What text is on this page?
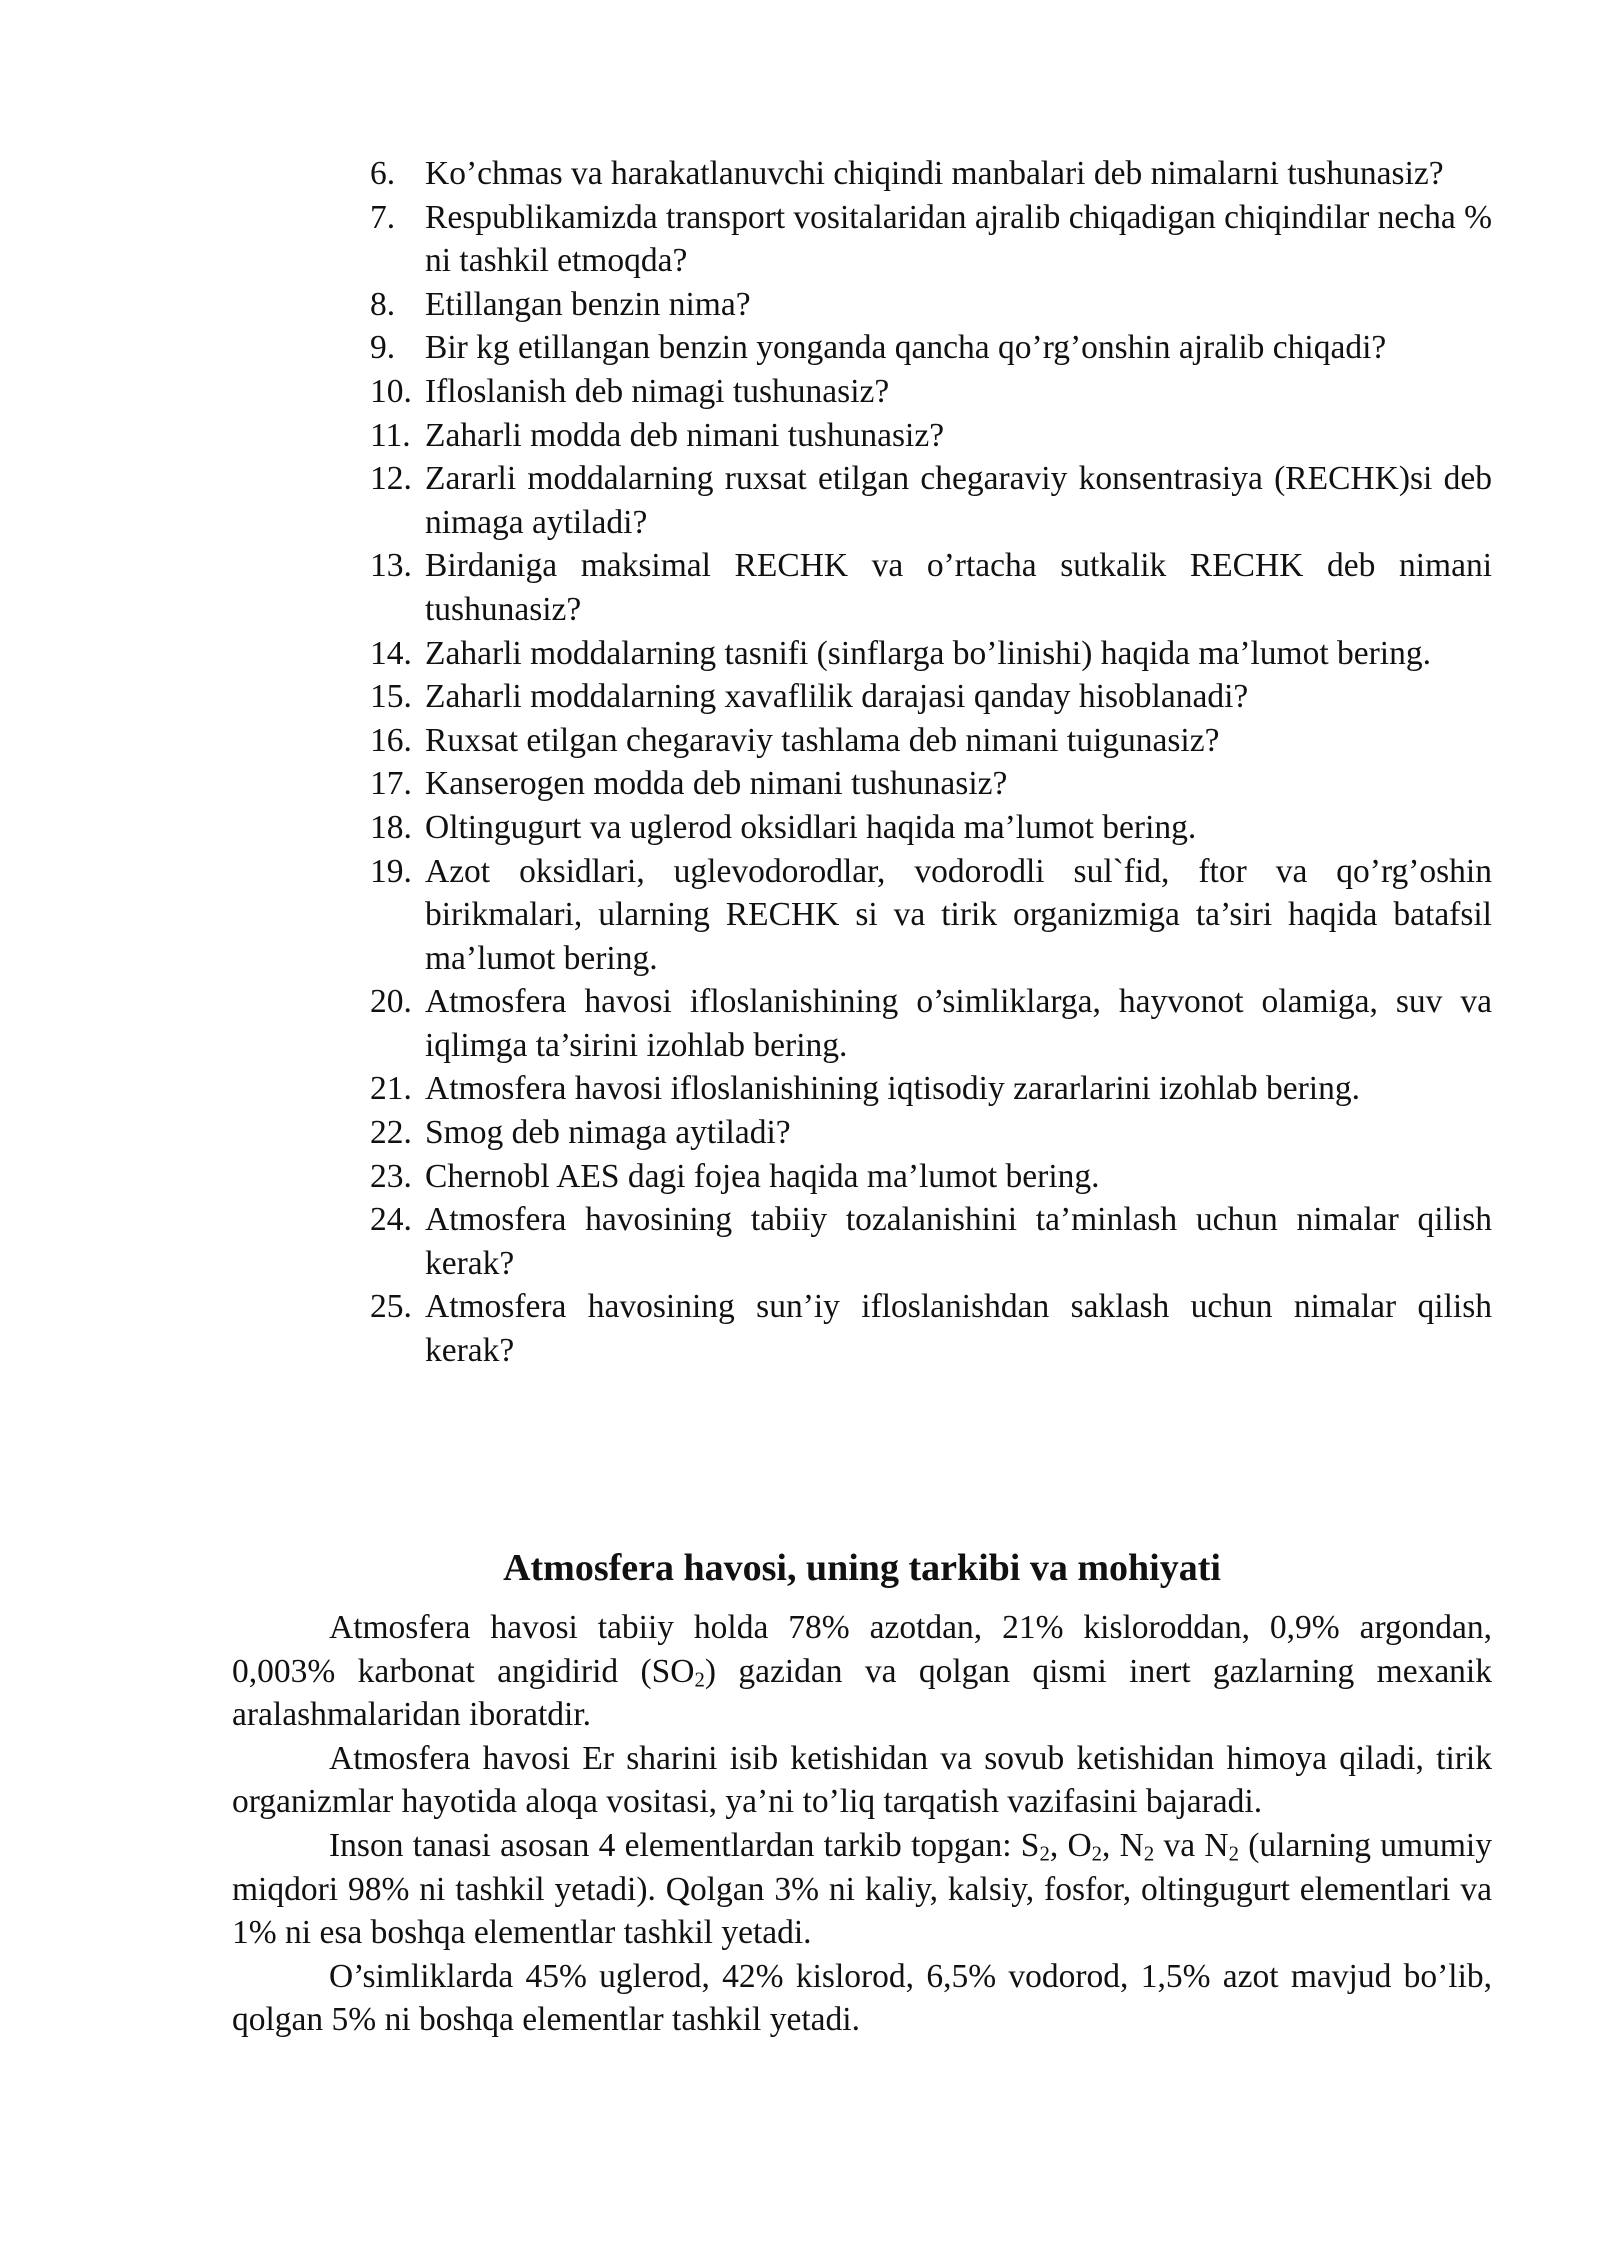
6. Ko’chmas va harakatlanuvchi chiqindi manbalari deb nimalarni tushunasiz?
7. Respublikamizda transport vositalaridan ajralib chiqadigan chiqindilar necha % ni tashkil etmoqda?
8. Etillangan benzin nima?
9. Bir kg etillangan benzin yonganda qancha qo’rg’onshin ajralib chiqadi?
10. Ifloslanish deb nimagi tushunasiz?
11. Zaharli modda deb nimani tushunasiz?
12. Zararli moddalarning ruxsat etilgan chegaraviy konsentrasiya (RECHK)si deb nimaga aytiladi?
13. Birdaniga maksimal RECHK va o’rtacha sutkalik RECHK deb nimani tushunasiz?
14. Zaharli moddalarning tasnifi (sinflarga bo’linishi) haqida ma’lumot bering.
15. Zaharli moddalarning xavaflilik darajasi qanday hisoblanadi?
16. Ruxsat etilgan chegaraviy tashlama deb nimani tuigunasiz?
17. Kanserogen modda deb nimani tushunasiz?
18. Oltingugurt va uglerod oksidlari haqida ma’lumot bering.
19. Azot oksidlari, uglevodorodlar, vodorodli sul`fid, ftor va qo’rg’oshin birikmalari, ularning RECHK si va tirik organizmiga ta’siri haqida batafsil ma’lumot bering.
20. Atmosfera havosi ifloslanishining o’simliklarga, hayvonot olamiga, suv va iqlimga ta’sirini izohlab bering.
21. Atmosfera havosi ifloslanishining iqtisodiy zararlarini izohlab bering.
22. Smog deb nimaga aytiladi?
23. Chernobl AES dagi fojea haqida ma’lumot bering.
24. Atmosfera havosining tabiiy tozalanishini ta’minlash uchun nimalar qilish kerak?
25. Atmosfera havosining sun’iy ifloslanishdan saklash uchun nimalar qilish kerak?
Atmosfera havosi, uning tarkibi va mohiyati

Atmosfera havosi tabiiy holda 78% azotdan, 21% kisloroddan, 0,9% argondan, 0,003% karbonat angidirid $(SO_2)$ gazidan va qolgan qismi inert gazlarning mexanik aralashmalaridan iboratdir.

Atmosfera havosi Er sharini isib ketishidan va sovub ketishidan himoya qiladi, tirik organizmlar hayotida aloqa vositasi, ya’ni to’liq tarqatish vazifasini bajaradi.

Inson tanasi asosan 4 elementlardan tarkib topgan: $S_2$, $O_2$, $N_2$ va $N_2$ (ularning umumiy miqdori 98% ni tashkil yetadi). Qolgan 3% ni kaliy, kalsiy, fosfor, oltingugurt elementlari va 1% ni esa boshqa elementlar tashkil yetadi.

O’simliklarda 45% uglerod, 42% kislorod, 6,5% vodorod, 1,5% azot mavjud bo’lib, qolgan 5% ni boshqa elementlar tashkil yetadi.
